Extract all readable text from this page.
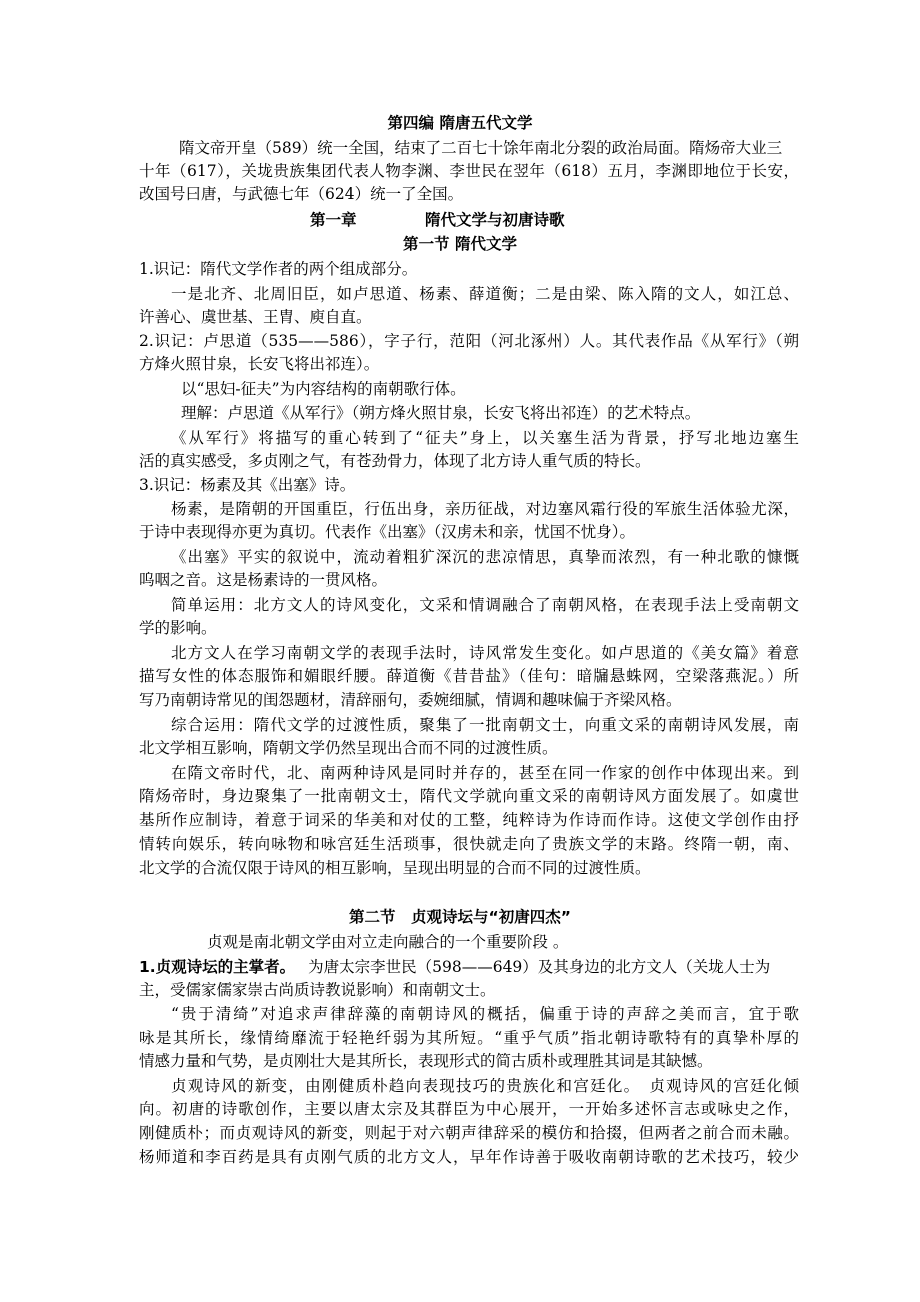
第四编 隋唐五代文学
隋文帝开皇（589）统一全国，结束了二百七十馀年南北分裂的政治局面。隋炀帝大业三
十年（617），关垅贵族集团代表人物李渊、李世民在翌年（618）五月，李渊即地位于长安，
改国号曰唐，与武德七年（624）统一了全国。
第一章	隋代文学与初唐诗歌
第一节 隋代文学
1.识记：隋代文学作者的两个组成部分。
一是北齐、北周旧臣，如卢思道、杨素、薛道衡；二是由梁、陈入隋的文人，如江总、
许善心、虞世基、王胄、庾自直。
2.识记：卢思道（535——586），字子行，范阳（河北涿州）人。其代表作品《从军行》（朔
方烽火照甘泉，长安飞将出祁连）。
以“思妇-征夫”为内容结构的南朝歌行体。
理解：卢思道《从军行》（朔方烽火照甘泉，长安飞将出祁连）的艺术特点。
《从军行》将描写的重心转到了“征夫”身上，以关塞生活为背景，抒写北地边塞生
活的真实感受，多贞刚之气，有苍劲骨力，体现了北方诗人重气质的特长。
3.识记：杨素及其《出塞》诗。
杨素，是隋朝的开国重臣，行伍出身，亲历征战，对边塞风霜行役的军旅生活体验尤深，
于诗中表现得亦更为真切。代表作《出塞》（汉虏未和亲，忧国不忧身）。
《出塞》平实的叙说中，流动着粗犷深沉的悲凉情思，真挚而浓烈，有一种北歌的慷慨
呜咽之音。这是杨素诗的一贯风格。
简单运用：北方文人的诗风变化，文采和情调融合了南朝风格，在表现手法上受南朝文
学的影响。
北方文人在学习南朝文学的表现手法时，诗风常发生变化。如卢思道的《美女篇》着意
描写女性的体态服饰和媚眼纤腰。薛道衡《昔昔盐》（佳句：暗牖悬蛛网，空梁落燕泥。）所
写乃南朝诗常见的闺怨题材，清辞丽句，委婉细腻，情调和趣味偏于齐梁风格。
综合运用：隋代文学的过渡性质，聚集了一批南朝文士，向重文采的南朝诗风发展，南
北文学相互影响，隋朝文学仍然呈现出合而不同的过渡性质。
在隋文帝时代，北、南两种诗风是同时并存的，甚至在同一作家的创作中体现出来。到
隋炀帝时，身边聚集了一批南朝文士，隋代文学就向重文采的南朝诗风方面发展了。如虞世
基所作应制诗，着意于词采的华美和对仗的工整，纯粹诗为作诗而作诗。这使文学创作由抒
情转向娱乐，转向咏物和咏宫廷生活琐事，很快就走向了贵族文学的末路。终隋一朝，南、
北文学的合流仅限于诗风的相互影响，呈现出明显的合而不同的过渡性质。
第二节　贞观诗坛与“初唐四杰”
贞观是南北朝文学由对立走向融合的一个重要阶段 。
1.贞观诗坛的主掌者。 为唐太宗李世民（598——649）及其身边的北方文人（关垅人士为
主，受儒家儒家崇古尚质诗教说影响）和南朝文士。
“贵于清绮”对追求声律辞藻的南朝诗风的概括，偏重于诗的声辞之美而言，宜于歌
咏是其所长，缘情绮靡流于轻艳纤弱为其所短。“重乎气质”指北朝诗歌特有的真挚朴厚的
情感力量和气势，是贞刚壮大是其所长，表现形式的简古质朴或理胜其词是其缺憾。
贞观诗风的新变，由刚健质朴趋向表现技巧的贵族化和宫廷化。　贞观诗风的宫廷化倾
向。初唐的诗歌创作，主要以唐太宗及其群臣为中心展开，一开始多述怀言志或咏史之作，
刚健质朴；而贞观诗风的新变，则起于对六朝声律辞采的模仿和拾掇，但两者之前合而未融。
杨师道和李百药是具有贞刚气质的北方文人，早年作诗善于吸收南朝诗歌的艺术技巧，较少
